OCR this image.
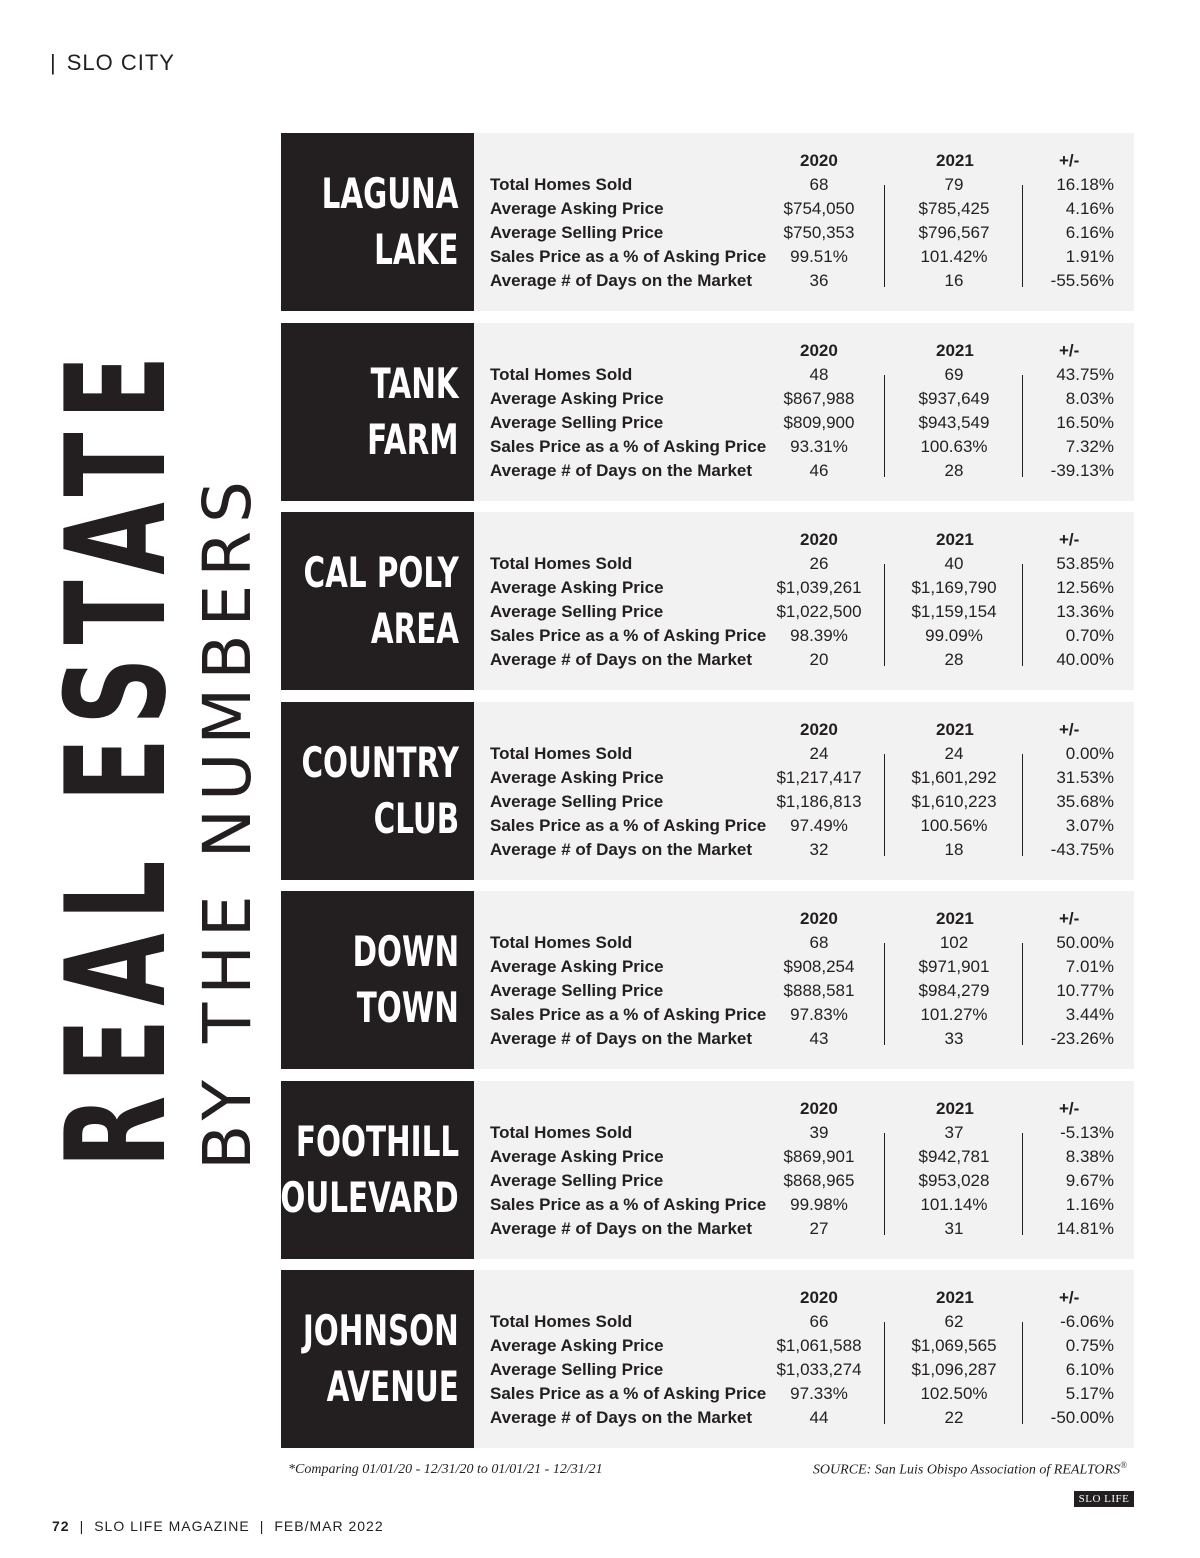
| SLO CITY
REAL ESTATE
BY THE NUMBERS
LAGUNA
LAKE
2020	2021	+/-
Total Homes Sold	68	79	16.18%
Average Asking Price	$754,050	$785,425	4.16%
Average Selling Price	$750,353	$796,567	6.16%
Sales Price as a % of Asking Price	99.51%	101.42%	1.91%
Average # of Days on the Market	36	16	-55.56%
TANK
FARM
2020	2021	+/-
Total Homes Sold	48	69	43.75%
Average Asking Price	$867,988	$937,649	8.03%
Average Selling Price	$809,900	$943,549	16.50%
Sales Price as a % of Asking Price	93.31%	100.63%	7.32%
Average # of Days on the Market	46	28	-39.13%
CAL POLY
AREA
2020	2021	+/-
Total Homes Sold	26	40	53.85%
Average Asking Price	$1,039,261	$1,169,790	12.56%
Average Selling Price	$1,022,500	$1,159,154	13.36%
Sales Price as a % of Asking Price	98.39%	99.09%	0.70%
Average # of Days on the Market	20	28	40.00%
COUNTRY
CLUB
2020	2021	+/-
Total Homes Sold	24	24	0.00%
Average Asking Price	$1,217,417	$1,601,292	31.53%
Average Selling Price	$1,186,813	$1,610,223	35.68%
Sales Price as a % of Asking Price	97.49%	100.56%	3.07%
Average # of Days on the Market	32	18	-43.75%
DOWN
TOWN
2020	2021	+/-
Total Homes Sold	68	102	50.00%
Average Asking Price	$908,254	$971,901	7.01%
Average Selling Price	$888,581	$984,279	10.77%
Sales Price as a % of Asking Price	97.83%	101.27%	3.44%
Average # of Days on the Market	43	33	-23.26%
FOOTHILL
BOULEVARD
2020	2021	+/-
Total Homes Sold	39	37	-5.13%
Average Asking Price	$869,901	$942,781	8.38%
Average Selling Price	$868,965	$953,028	9.67%
Sales Price as a % of Asking Price	99.98%	101.14%	1.16%
Average # of Days on the Market	27	31	14.81%
JOHNSON
AVENUE
2020	2021	+/-
Total Homes Sold	66	62	-6.06%
Average Asking Price	$1,061,588	$1,069,565	0.75%
Average Selling Price	$1,033,274	$1,096,287	6.10%
Sales Price as a % of Asking Price	97.33%	102.50%	5.17%
Average # of Days on the Market	44	22	-50.00%
*Comparing 01/01/20 - 12/31/20 to 01/01/21 - 12/31/21	SOURCE: San Luis Obispo Association of REALTORS®
SLO LIFE
72 | SLO LIFE MAGAZINE | FEB/MAR 2022
